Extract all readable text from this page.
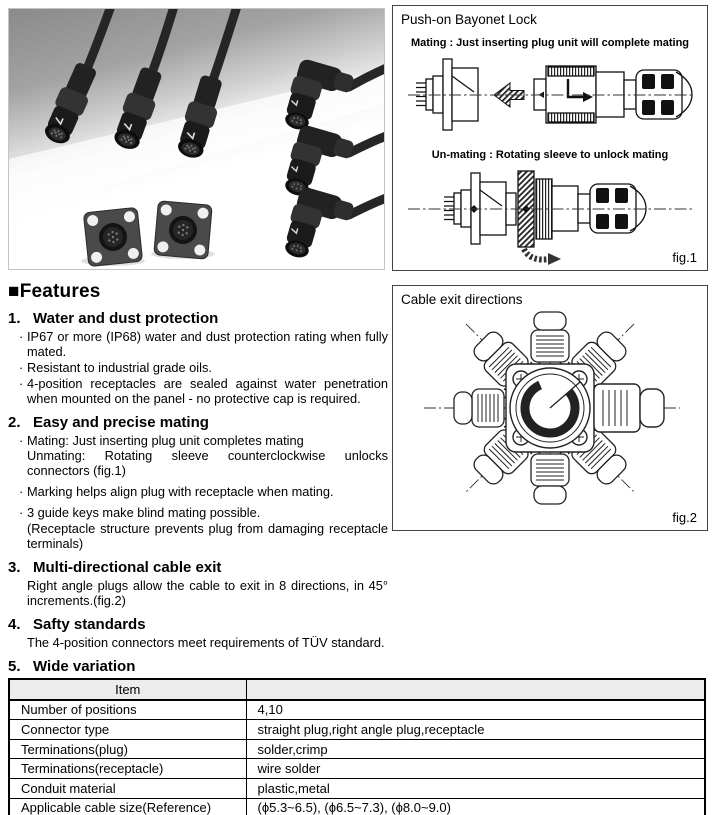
Push-on Bayonet Lock
Mating : Just inserting plug unit will complete mating
Un-mating : Rotating sleeve to unlock mating
fig.1
Cable exit directions
fig.2
■Features
1. Water and dust protection
· IP67 or more (IP68) water and dust protection rating when fully mated.
· Resistant to industrial grade oils.
· 4-position receptacles are sealed against water penetration when mounted on the panel - no protective cap is required.
2. Easy and precise mating
· Mating: Just inserting plug unit completes mating
Unmating: Rotating sleeve counterclockwise unlocks connectors (fig.1)
· Marking helps align plug with receptacle when mating.
· 3 guide keys make blind mating possible.
(Receptacle structure prevents plug from damaging receptacle terminals)
3. Multi-directional cable exit
Right angle plugs allow the cable to exit in 8 directions, in 45° increments.(fig.2)
4. Safty standards
The 4-position connectors meet requirements of TÜV standard.
5. Wide variation
Item	
Number of positions	4,10
Connector type	straight plug,right angle plug,receptacle
Terminations(plug)	solder,crimp
Terminations(receptacle)	wire solder
Conduit material	plastic,metal
Applicable cable size(Reference)	(ϕ5.3~6.5), (ϕ6.5~7.3), (ϕ8.0~9.0)
